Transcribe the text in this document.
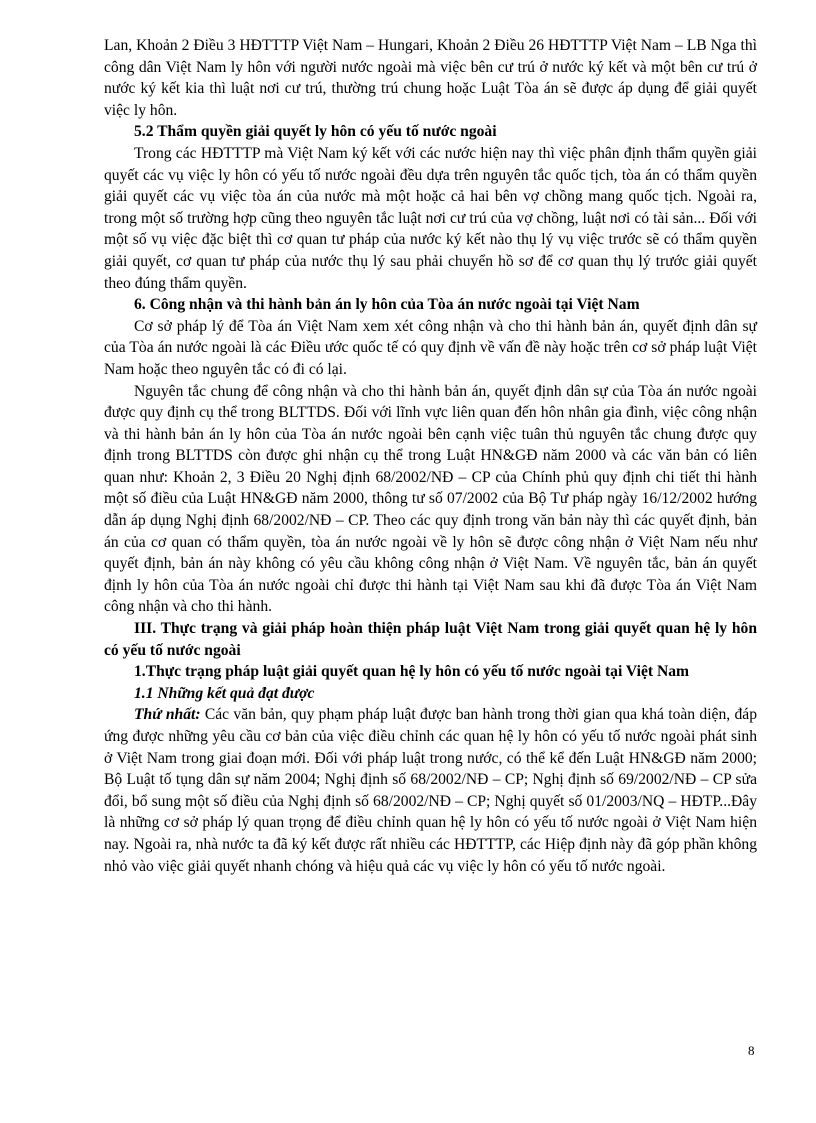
Lan, Khoản 2 Điều 3 HĐTTTP Việt Nam – Hungari, Khoản 2 Điều 26 HĐTTTP Việt Nam – LB Nga thì công dân Việt Nam ly hôn với người nước ngoài mà việc bên cư trú ở nước ký kết và một bên cư trú ở nước ký kết kia thì luật nơi cư trú, thường trú chung hoặc Luật Tòa án sẽ được áp dụng để giải quyết việc ly hôn.

5.2 Thẩm quyền giải quyết ly hôn có yếu tố nước ngoài

Trong các HĐTTTP mà Việt Nam ký kết với các nước hiện nay thì việc phân định thẩm quyền giải quyết các vụ việc ly hôn có yếu tố nước ngoài đều dựa trên nguyên tắc quốc tịch, tòa án có thẩm quyền giải quyết các vụ việc tòa án của nước mà một hoặc cả hai bên vợ chồng mang quốc tịch. Ngoài ra, trong một số trường hợp cũng theo nguyên tắc luật nơi cư trú của vợ chồng, luật nơi có tài sản... Đối với một số vụ việc đặc biệt thì cơ quan tư pháp của nước ký kết nào thụ lý vụ việc trước sẽ có thẩm quyền giải quyết, cơ quan tư pháp của nước thụ lý sau phải chuyển hồ sơ để cơ quan thụ lý trước giải quyết theo đúng thẩm quyền.

6. Công nhận và thi hành bản án ly hôn của Tòa án nước ngoài tại Việt Nam

Cơ sở pháp lý để Tòa án Việt Nam xem xét công nhận và cho thi hành bản án, quyết định dân sự của Tòa án nước ngoài là các Điều ước quốc tế có quy định về vấn đề này hoặc trên cơ sở pháp luật Việt Nam hoặc theo nguyên tắc có đi có lại.

Nguyên tắc chung để công nhận và cho thi hành bản án, quyết định dân sự của Tòa án nước ngoài được quy định cụ thể trong BLTTDS. Đối với lĩnh vực liên quan đến hôn nhân gia đình, việc công nhận và thi hành bản án ly hôn của Tòa án nước ngoài bên cạnh việc tuân thủ nguyên tắc chung được quy định trong BLTTDS còn được ghi nhận cụ thể trong Luật HN&GĐ năm 2000 và các văn bản có liên quan như: Khoản 2, 3 Điều 20 Nghị định 68/2002/NĐ – CP của Chính phủ quy định chi tiết thi hành một số điều của Luật HN&GĐ năm 2000, thông tư số 07/2002 của Bộ Tư pháp ngày 16/12/2002 hướng dẫn áp dụng Nghị định 68/2002/NĐ – CP. Theo các quy định trong văn bản này thì các quyết định, bản án của cơ quan có thẩm quyền, tòa án nước ngoài về ly hôn sẽ được công nhận ở Việt Nam nếu như quyết định, bản án này không có yêu cầu không công nhận ở Việt Nam. Về nguyên tắc, bản án quyết định ly hôn của Tòa án nước ngoài chỉ được thi hành tại Việt Nam sau khi đã được Tòa án Việt Nam công nhận và cho thi hành.

III. Thực trạng và giải pháp hoàn thiện pháp luật Việt Nam trong giải quyết quan hệ ly hôn có yếu tố nước ngoài

1.Thực trạng pháp luật giải quyết quan hệ ly hôn có yếu tố nước ngoài tại Việt Nam

1.1 Những kết quả đạt được

Thứ nhất: Các văn bản, quy phạm pháp luật được ban hành trong thời gian qua khá toàn diện, đáp ứng được những yêu cầu cơ bản của việc điều chỉnh các quan hệ ly hôn có yếu tố nước ngoài phát sinh ở Việt Nam trong giai đoạn mới. Đối với pháp luật trong nước, có thể kể đến Luật HN&GĐ năm 2000; Bộ Luật tố tụng dân sự năm 2004; Nghị định số 68/2002/NĐ – CP; Nghị định số 69/2002/NĐ – CP sửa đổi, bổ sung một số điều của Nghị định số 68/2002/NĐ – CP; Nghị quyết số 01/2003/NQ – HĐTP...Đây là những cơ sở pháp lý quan trọng để điều chỉnh quan hệ ly hôn có yếu tố nước ngoài ở Việt Nam hiện nay. Ngoài ra, nhà nước ta đã ký kết được rất nhiều các HĐTTTP, các Hiệp định này đã góp phần không nhỏ vào việc giải quyết nhanh chóng và hiệu quả các vụ việc ly hôn có yếu tố nước ngoài.

8
